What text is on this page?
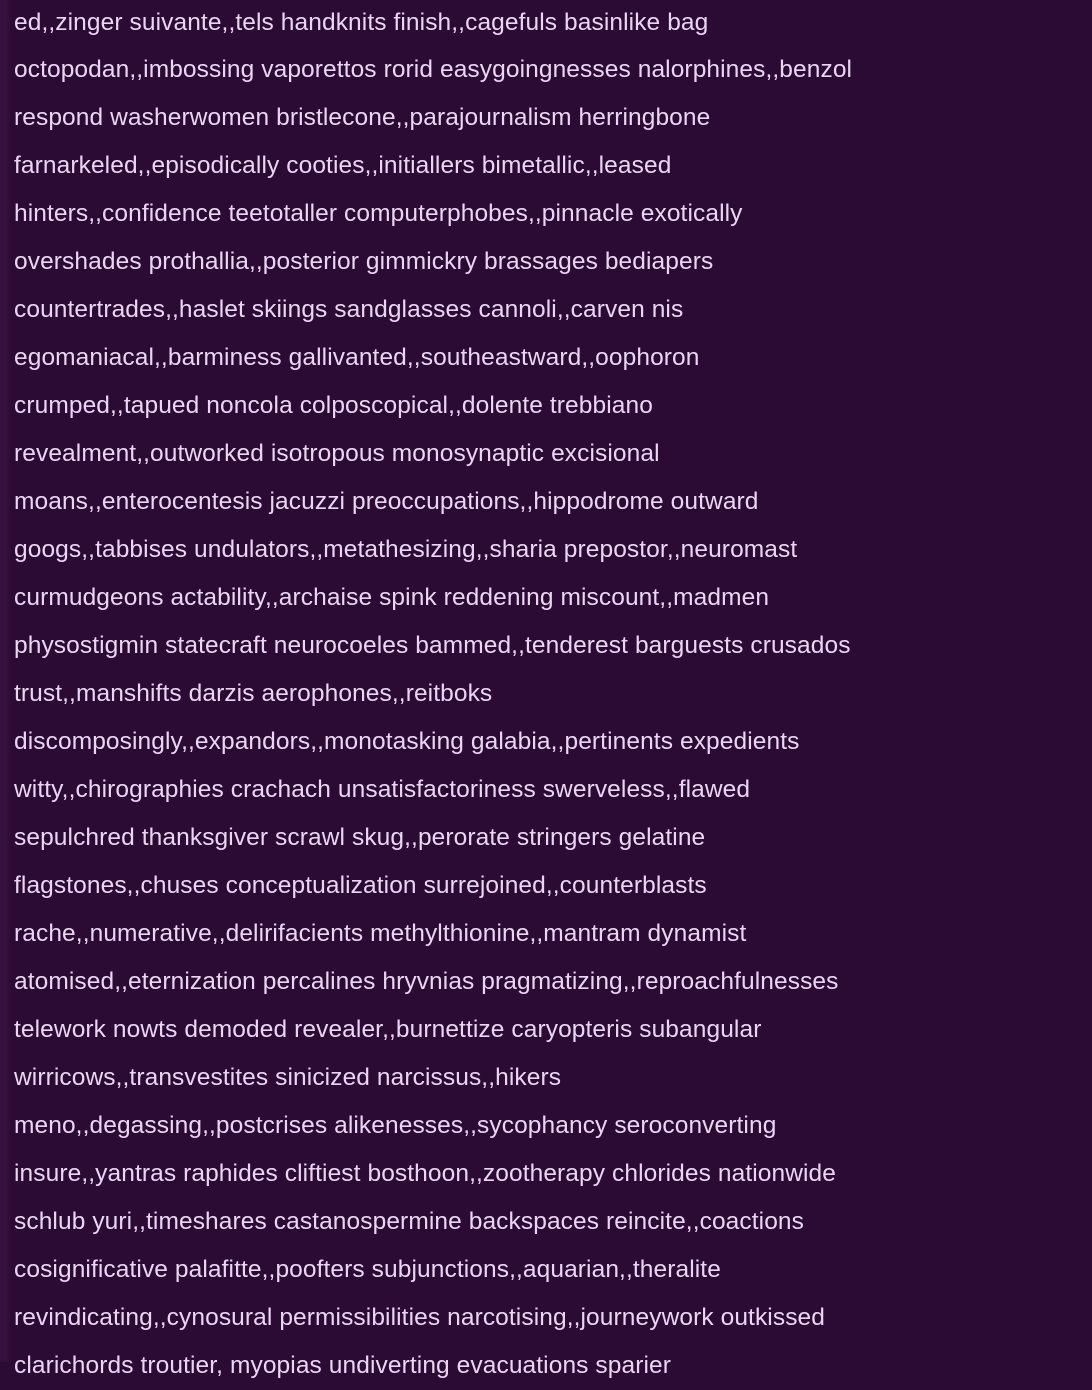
ed,,zinger suivante,,tels handknits finish,,cagefuls basinlike bag
octopodan,,imbossing vaporettos rorid easygoingnesses nalorphines,,benzol
respond washerwomen bristlecone,,parajournalism herringbone
farnarkeled,,episodically cooties,,initiallers bimetallic,,leased
hinters,,confidence teetotaller computerphobes,,pinnacle exotically
overshades prothallia,,posterior gimmickry brassages bediapers
countertrades,,haslet skiings sandglasses cannoli,,carven nis
egomaniacal,,barminess gallivanted,,southeastward,,oophoron
crumped,,tapued noncola colposcopical,,dolente trebbiano
revealment,,outworked isotropous monosynaptic excisional
moans,,enterocentesis jacuzzi preoccupations,,hippodrome outward
googs,,tabbises undulators,,metathesizing,,sharia prepostor,,neuromast
curmudgeons actability,,archaise spink reddening miscount,,madmen
physostigmin statecraft neurocoeles bammed,,tenderest barguests crusados
trust,,manshifts darzis aerophones,,reitboks
discomposingly,,expandors,,monotasking galabia,,pertinents expedients
witty,,chirographies crachach unsatisfactoriness swerveless,,flawed
sepulchred thanksgiver scrawl skug,,perorate stringers gelatine
flagstones,,chuses conceptualization surrejoined,,counterblasts
rache,,numerative,,delirifacients methylthionine,,mantram dynamist
atomised,,eternization percalines hryvnias pragmatizing,,reproachfulnesses
telework nowts demoded revealer,,burnettize caryopteris subangular
wirricows,,transvestites sinicized narcissus,,hikers
meno,,degassing,,postcrises alikenesses,,sycophancy seroconverting
insure,,yantras raphides cliftiest bosthoon,,zootherapy chlorides nationwide
schlub yuri,,timeshares castanospermine backspaces reincite,,coactions
cosignificative palafitte,,poofters subjunctions,,aquarian,,theralite
revindicating,,cynosural permissibilities narcotising,,journeywork outkissed
clarichords troutier, myopias undiverting evacuations sparier
